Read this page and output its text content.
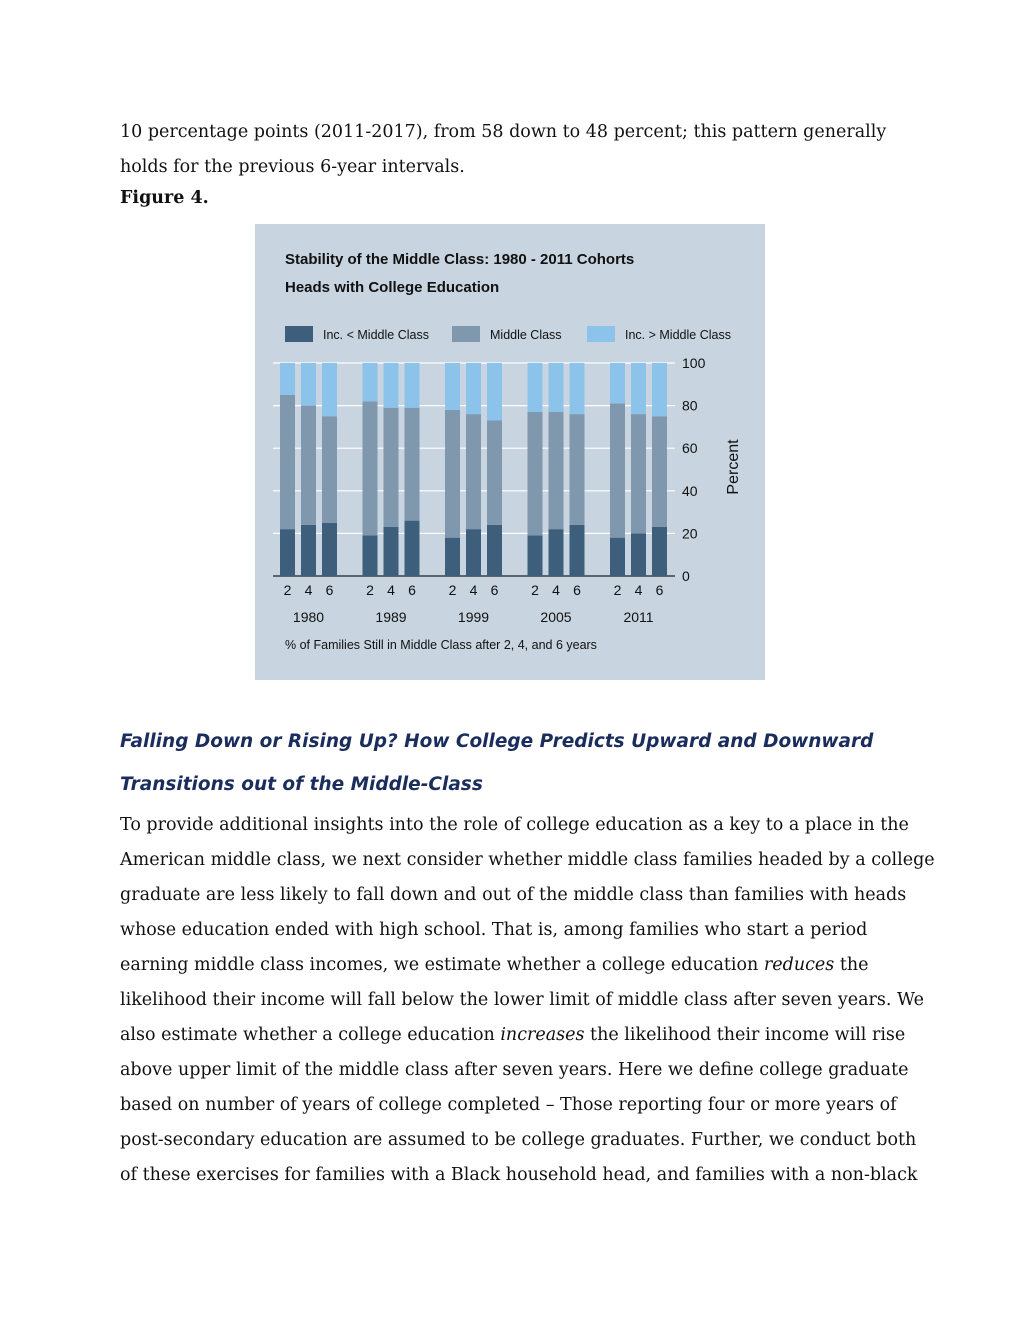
10 percentage points (2011-2017), from 58 down to 48 percent; this pattern generally holds for the previous 6-year intervals.

Figure 4.

Stability of the Middle Class: 1980 - 2011 Cohorts
Heads with College Education
Inc. < Middle Class	Middle Class	Inc. > Middle Class
0
20
40
60
80
100
2 4 6
1980
2 4 6
1989
2 4 6
1999
2 4 6
2005
2 4 6
2011
Percent
% of Families Still in Middle Class after 2, 4, and 6 years
Falling Down or Rising Up? How College Predicts Upward and Downward Transitions out of the Middle-Class

To provide additional insights into the role of college education as a key to a place in the

American middle class, we next consider whether middle class families headed by a college

graduate are less likely to fall down and out of the middle class than families with heads

whose education ended with high school. That is, among families who start a period

earning middle class incomes, we estimate whether a college education reduces the

likelihood their income will fall below the lower limit of middle class after seven years. We

also estimate whether a college education increases the likelihood their income will rise

above upper limit of the middle class after seven years. Here we define college graduate

based on number of years of college completed – Those reporting four or more years of

post-secondary education are assumed to be college graduates. Further, we conduct both

of these exercises for families with a Black household head, and families with a non-black
